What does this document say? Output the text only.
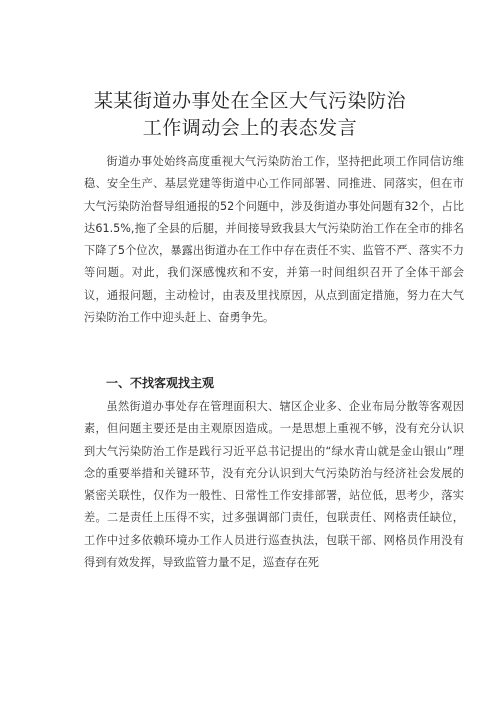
某某街道办事处在全区大气污染防治
工作调动会上的表态发言

街道办事处始终高度重视大气污染防治工作，坚持把此项工作同信访维稳、安全生产、基层党建等街道中心工作同部署、同推进、同落实，但在市大气污染防治督导组通报的52个问题中，涉及街道办事处问题有32个，占比达61.5%,拖了全县的后腿，并间接导致我县大气污染防治工作在全市的排名下降了5个位次，暴露出街道办在工作中存在责任不实、监管不严、落实不力等问题。对此，我们深感愧疚和不安，并第一时间组织召开了全体干部会议，通报问题，主动检讨，由表及里找原因，从点到面定措施，努力在大气污染防治工作中迎头赶上、奋勇争先。

一、不找客观找主观

虽然街道办事处存在管理面积大、辖区企业多、企业布局分散等客观因素，但问题主要还是由主观原因造成。一是思想上重视不够，没有充分认识到大气污染防治工作是践行习近平总书记提出的“绿水青山就是金山银山”理念的重要举措和关键环节，没有充分认识到大气污染防治与经济社会发展的紧密关联性，仅作为一般性、日常性工作安排部署，站位低，思考少，落实差。二是责任上压得不实，过多强调部门责任，包联责任、网格责任缺位，工作中过多依赖环境办工作人员进行巡查执法，包联干部、网格员作用没有得到有效发挥，导致监管力量不足，巡查存在死
